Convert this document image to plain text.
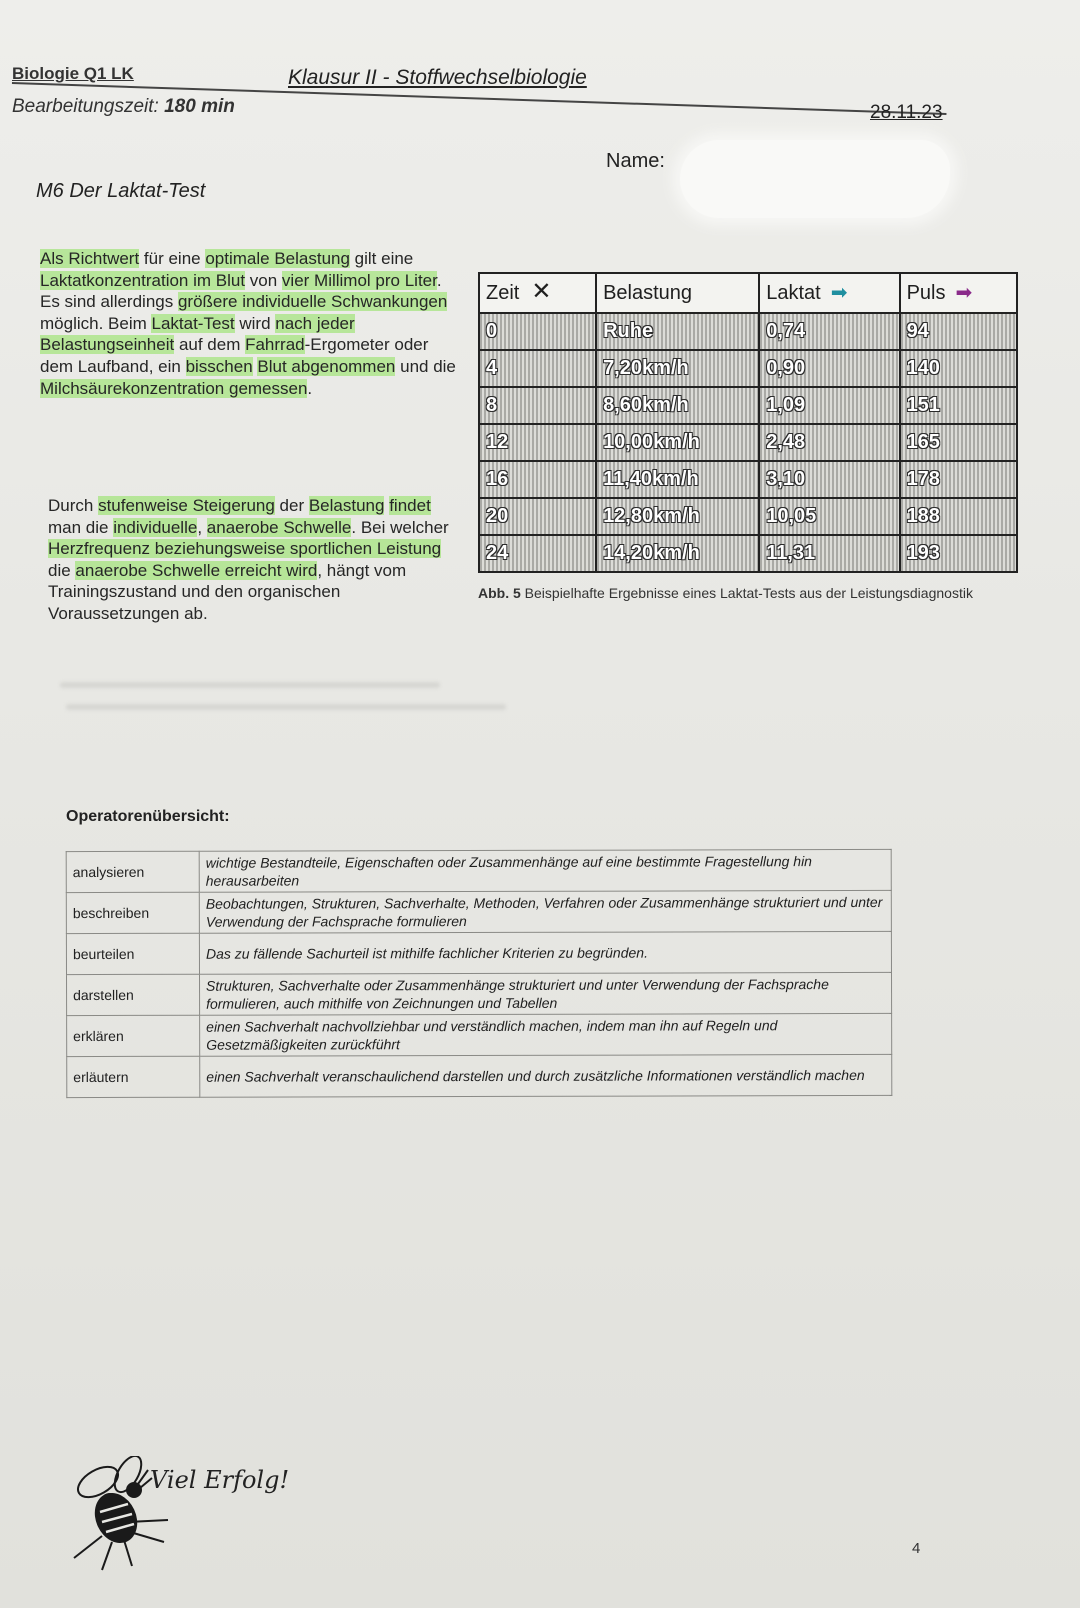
Biologie Q1 LK
Bearbeitungszeit: 180 min
Klausur II - Stoffwechselbiologie
28.11.23
Name:
M6 Der Laktat-Test
Als Richtwert für eine optimale Belastung gilt eine Laktatkonzentration im Blut von vier Millimol pro Liter. Es sind allerdings größere individuelle Schwankungen möglich. Beim Laktat-Test wird nach jeder Belastungseinheit auf dem Fahrrad-Ergometer oder dem Laufband, ein bisschen Blut abgenommen und die Milchsäurekonzentration gemessen.
Durch stufenweise Steigerung der Belastung findet man die individuelle, anaerobe Schwelle. Bei welcher Herzfrequenz beziehungsweise sportlichen Leistung die anaerobe Schwelle erreicht wird, hängt vom Trainingszustand und den organischen Voraussetzungen ab.
Zeit ✕	Belastung	Laktat ➡	Puls ➡
0	Ruhe	0,74	94
4	7,20km/h	0,90	140
8	8,60km/h	1,09	151
12	10,00km/h	2,48	165
16	11,40km/h	3,10	178
20	12,80km/h	10,05	188
24	14,20km/h	11,31	193
Abb. 5 Beispielhafte Ergebnisse eines Laktat-Tests aus der Leistungsdiagnostik
Operatorenübersicht:
analysieren	wichtige Bestandteile, Eigenschaften oder Zusammenhänge auf eine bestimmte Fragestellung hin herausarbeiten
beschreiben	Beobachtungen, Strukturen, Sachverhalte, Methoden, Verfahren oder Zusammenhänge strukturiert und unter Verwendung der Fachsprache formulieren
beurteilen	Das zu fällende Sachurteil ist mithilfe fachlicher Kriterien zu begründen.
darstellen	Strukturen, Sachverhalte oder Zusammenhänge strukturiert und unter Verwendung der Fachsprache formulieren, auch mithilfe von Zeichnungen und Tabellen
erklären	einen Sachverhalt nachvollziehbar und verständlich machen, indem man ihn auf Regeln und Gesetzmäßigkeiten zurückführt
erläutern	einen Sachverhalt veranschaulichend darstellen und durch zusätzliche Informationen verständlich machen
Viel Erfolg!
4
